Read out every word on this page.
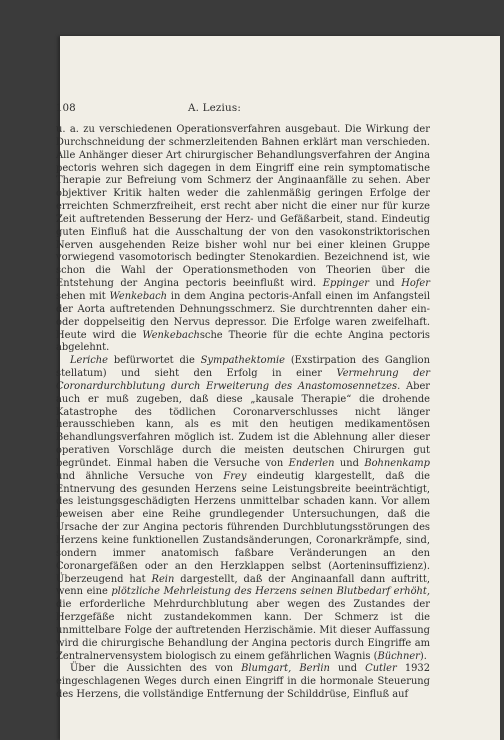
108	A. Lezius:

u. a. zu verschiedenen Operationsverfahren ausgebaut. Die Wirkung der Durchschneidung der schmerzleitenden Bahnen erklärt man verschieden. Alle Anhänger dieser Art chirurgischer Behandlungsverfahren der Angina pectoris wehren sich dagegen in dem Eingriff eine rein symptomatische Therapie zur Befreiung vom Schmerz der Anginaanfälle zu sehen. Aber objektiver Kritik halten weder die zahlenmäßig geringen Erfolge der erreichten Schmerzfreiheit, erst recht aber nicht die einer nur für kurze Zeit auftretenden Besserung der Herz- und Gefäßarbeit, stand. Eindeutig guten Einfluß hat die Ausschaltung der von den vasokonstriktorischen Nerven ausgehenden Reize bisher wohl nur bei einer kleinen Gruppe vorwiegend vasomotorisch bedingter Stenokardien. Bezeichnend ist, wie schon die Wahl der Operationsmethoden von Theorien über die Entstehung der Angina pectoris beeinflußt wird. Eppinger und Hofer sehen mit Wenkebach in dem Angina pectoris-Anfall einen im Anfangsteil der Aorta auftretenden Dehnungsschmerz. Sie durchtrennten daher ein- oder doppelseitig den Nervus depressor. Die Erfolge waren zweifelhaft. Heute wird die Wenkebachsche Theorie für die echte Angina pectoris abgelehnt.

Leriche befürwortet die Sympathektomie (Exstirpation des Ganglion stellatum) und sieht den Erfolg in einer Vermehrung der Coronardurchblutung durch Erweiterung des Anastomosennetzes. Aber auch er muß zugeben, daß diese „kausale Therapie“ die drohende Katastrophe des tödlichen Coronarverschlusses nicht länger herausschieben kann, als es mit den heutigen medikamentösen Behandlungsverfahren möglich ist. Zudem ist die Ablehnung aller dieser operativen Vorschläge durch die meisten deutschen Chirurgen gut begründet. Einmal haben die Versuche von Enderlen und Bohnenkamp und ähnliche Versuche von Frey eindeutig klargestellt, daß die Entnervung des gesunden Herzens seine Leistungsbreite beeinträchtigt, des leistungsgeschädigten Herzens unmittelbar schaden kann. Vor allem beweisen aber eine Reihe grundlegender Untersuchungen, daß die Ursache der zur Angina pectoris führenden Durchblutungsstörungen des Herzens keine funktionellen Zustandsänderungen, Coronarkrämpfe, sind, sondern immer anatomisch faßbare Veränderungen an den Coronargefäßen oder an den Herzklappen selbst (Aorteninsuffizienz). Überzeugend hat Rein dargestellt, daß der Anginaanfall dann auftritt, wenn eine plötzliche Mehrleistung des Herzens seinen Blutbedarf erhöht, die erforderliche Mehrdurchblutung aber wegen des Zustandes der Herzgefäße nicht zustandekommen kann. Der Schmerz ist die unmittelbare Folge der auftretenden Herzischämie. Mit dieser Auffassung wird die chirurgische Behandlung der Angina pectoris durch Eingriffe am Zentralnervensystem biologisch zu einem gefährlichen Wagnis (Büchner).

Über die Aussichten des von Blumgart, Berlin und Cutler 1932 eingeschlagenen Weges durch einen Eingriff in die hormonale Steuerung des Herzens, die vollständige Entfernung der Schilddrüse, Einfluß auf
